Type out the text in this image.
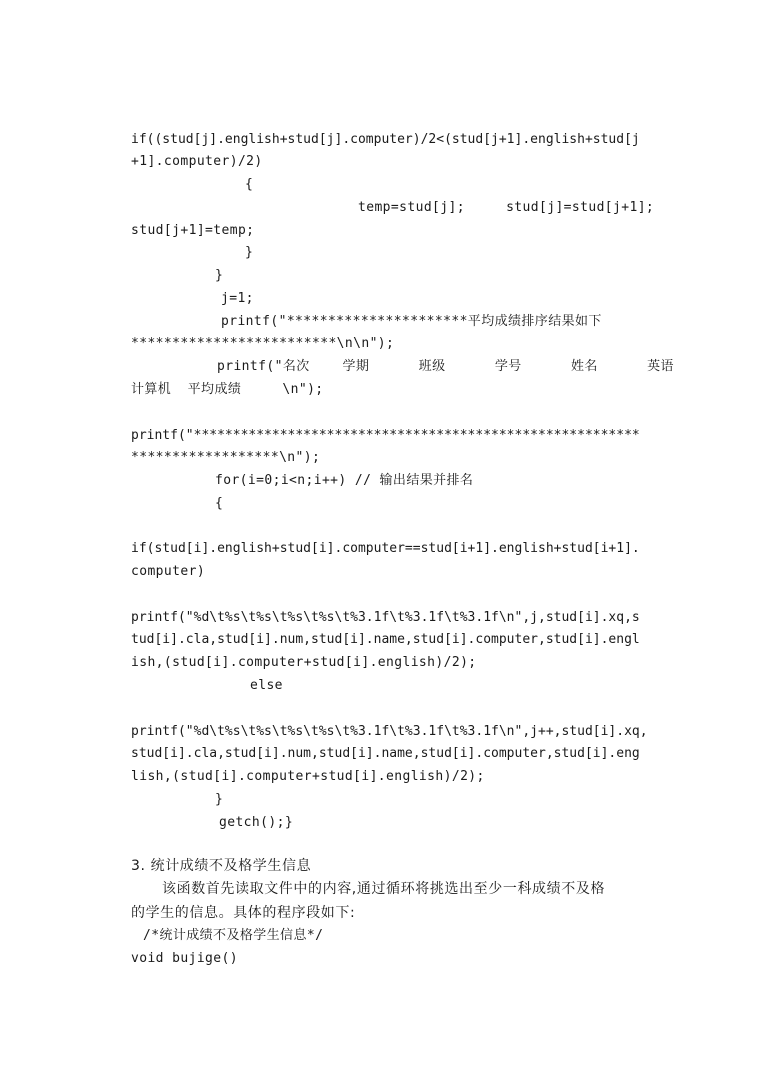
if((stud[j].english+stud[j].computer)/2<(stud[j+1].english+stud[j
+1].computer)/2)
{
temp=stud[j];     stud[j]=stud[j+1];
stud[j+1]=temp;
}
}
j=1;
printf("**********************平均成绩排序结果如下
*************************\n\n");
printf("名次    学期      班级      学号      姓名      英语
计算机  平均成绩     \n");
printf("*********************************************************
******************\n");
for(i=0;i<n;i++) // 输出结果并排名
{
if(stud[i].english+stud[i].computer==stud[i+1].english+stud[i+1].
computer)
printf("%d\t%s\t%s\t%s\t%s\t%3.1f\t%3.1f\t%3.1f\n",j,stud[i].xq,s
tud[i].cla,stud[i].num,stud[i].name,stud[i].computer,stud[i].engl
ish,(stud[i].computer+stud[i].english)/2);
else
printf("%d\t%s\t%s\t%s\t%s\t%3.1f\t%3.1f\t%3.1f\n",j++,stud[i].xq,
stud[i].cla,stud[i].num,stud[i].name,stud[i].computer,stud[i].eng
lish,(stud[i].computer+stud[i].english)/2);
}
getch();}
3. 统计成绩不及格学生信息
该函数首先读取文件中的内容,通过循环将挑选出至少一科成绩不及格
的学生的信息。具体的程序段如下:
/*统计成绩不及格学生信息*/
void bujige()
